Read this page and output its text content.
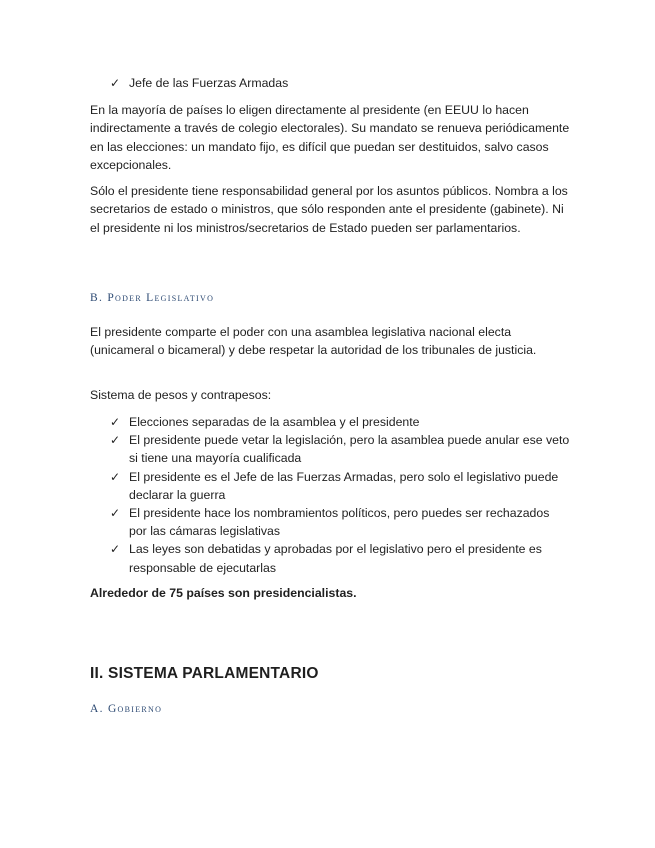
✓ Jefe de las Fuerzas Armadas
En la mayoría de países lo eligen directamente al presidente (en EEUU lo hacen indirectamente a través de colegio electorales). Su mandato se renueva periódicamente en las elecciones: un mandato fijo, es difícil que puedan ser destituidos, salvo casos excepcionales.
Sólo el presidente tiene responsabilidad general por los asuntos públicos. Nombra a los secretarios de estado o ministros, que sólo responden ante el presidente (gabinete). Ni el presidente ni los ministros/secretarios de Estado pueden ser parlamentarios.
B. Poder Legislativo
El presidente comparte el poder con una asamblea legislativa nacional electa (unicameral o bicameral) y debe respetar la autoridad de los tribunales de justicia.
Sistema de pesos y contrapesos:
✓ Elecciones separadas de la asamblea y el presidente
✓ El presidente puede vetar la legislación, pero la asamblea puede anular ese veto si tiene una mayoría cualificada
✓ El presidente es el Jefe de las Fuerzas Armadas, pero solo el legislativo puede declarar la guerra
✓ El presidente hace los nombramientos políticos, pero puedes ser rechazados por las cámaras legislativas
✓ Las leyes son debatidas y aprobadas por el legislativo pero el presidente es responsable de ejecutarlas
Alrededor de 75 países son presidencialistas.
II. SISTEMA PARLAMENTARIO
A. Gobierno
